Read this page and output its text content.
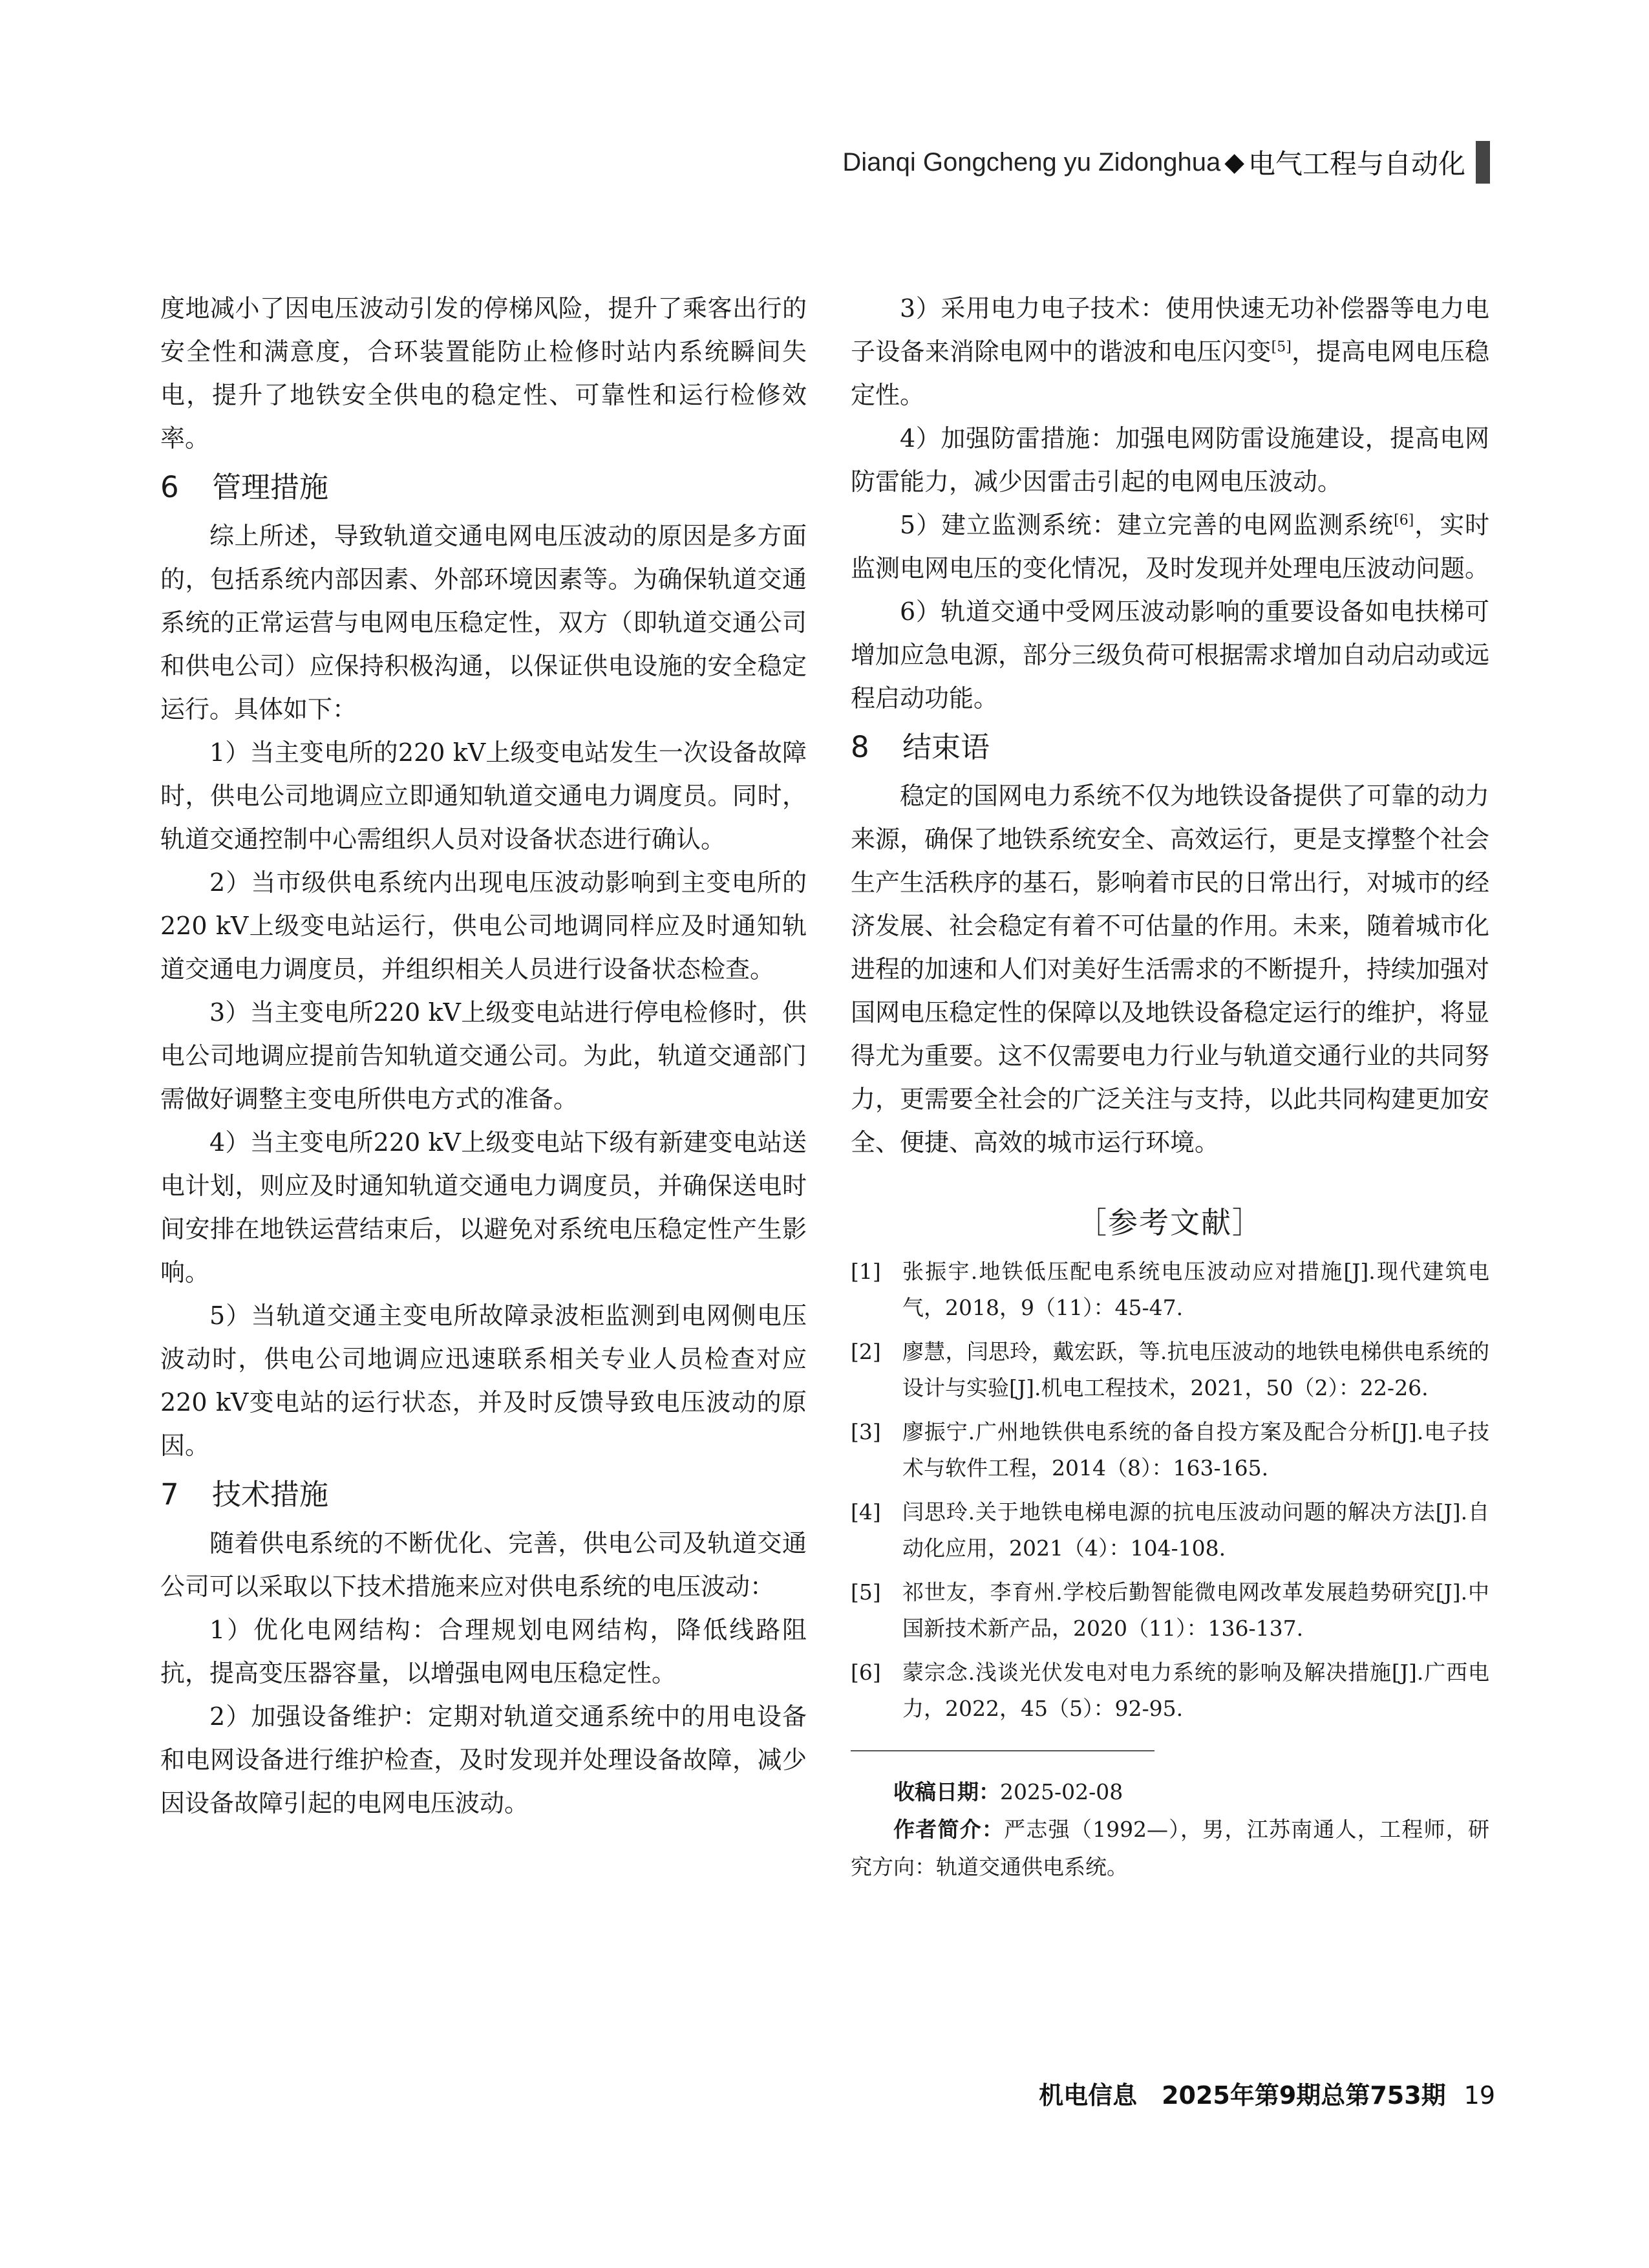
Dianqi Gongcheng yu Zidonghua ◆ 电气工程与自动化

度地减小了因电压波动引发的停梯风险，提升了乘客出行的安全性和满意度，合环装置能防止检修时站内系统瞬间失电，提升了地铁安全供电的稳定性、可靠性和运行检修效率。

6 管理措施

综上所述，导致轨道交通电网电压波动的原因是多方面的，包括系统内部因素、外部环境因素等。为确保轨道交通系统的正常运营与电网电压稳定性，双方（即轨道交通公司和供电公司）应保持积极沟通，以保证供电设施的安全稳定运行。具体如下：

1）当主变电所的220 kV上级变电站发生一次设备故障时，供电公司地调应立即通知轨道交通电力调度员。同时，轨道交通控制中心需组织人员对设备状态进行确认。

2）当市级供电系统内出现电压波动影响到主变电所的220 kV上级变电站运行，供电公司地调同样应及时通知轨道交通电力调度员，并组织相关人员进行设备状态检查。

3）当主变电所220 kV上级变电站进行停电检修时，供电公司地调应提前告知轨道交通公司。为此，轨道交通部门需做好调整主变电所供电方式的准备。

4）当主变电所220 kV上级变电站下级有新建变电站送电计划，则应及时通知轨道交通电力调度员，并确保送电时间安排在地铁运营结束后，以避免对系统电压稳定性产生影响。

5）当轨道交通主变电所故障录波柜监测到电网侧电压波动时，供电公司地调应迅速联系相关专业人员检查对应220 kV变电站的运行状态，并及时反馈导致电压波动的原因。

7 技术措施

随着供电系统的不断优化、完善，供电公司及轨道交通公司可以采取以下技术措施来应对供电系统的电压波动：

1）优化电网结构：合理规划电网结构，降低线路阻抗，提高变压器容量，以增强电网电压稳定性。

2）加强设备维护：定期对轨道交通系统中的用电设备和电网设备进行维护检查，及时发现并处理设备故障，减少因设备故障引起的电网电压波动。

3）采用电力电子技术：使用快速无功补偿器等电力电子设备来消除电网中的谐波和电压闪变[5]，提高电网电压稳定性。

4）加强防雷措施：加强电网防雷设施建设，提高电网防雷能力，减少因雷击引起的电网电压波动。

5）建立监测系统：建立完善的电网监测系统[6]，实时监测电网电压的变化情况，及时发现并处理电压波动问题。

6）轨道交通中受网压波动影响的重要设备如电扶梯可增加应急电源，部分三级负荷可根据需求增加自动启动或远程启动功能。

8 结束语

稳定的国网电力系统不仅为地铁设备提供了可靠的动力来源，确保了地铁系统安全、高效运行，更是支撑整个社会生产生活秩序的基石，影响着市民的日常出行，对城市的经济发展、社会稳定有着不可估量的作用。未来，随着城市化进程的加速和人们对美好生活需求的不断提升，持续加强对国网电压稳定性的保障以及地铁设备稳定运行的维护，将显得尤为重要。这不仅需要电力行业与轨道交通行业的共同努力，更需要全社会的广泛关注与支持，以此共同构建更加安全、便捷、高效的城市运行环境。

［参考文献］
[1]	张振宇.地铁低压配电系统电压波动应对措施[J].现代建筑电气，2018，9（11）：45-47.
[2]	廖慧，闫思玲，戴宏跃，等.抗电压波动的地铁电梯供电系统的设计与实验[J].机电工程技术，2021，50（2）：22-26.
[3]	廖振宁.广州地铁供电系统的备自投方案及配合分析[J].电子技术与软件工程，2014（8）：163-165.
[4]	闫思玲.关于地铁电梯电源的抗电压波动问题的解决方法[J].自动化应用，2021（4）：104-108.
[5]	祁世友，李育州.学校后勤智能微电网改革发展趋势研究[J].中国新技术新产品，2020（11）：136-137.
[6]	蒙宗念.浅谈光伏发电对电力系统的影响及解决措施[J].广西电力，2022，45（5）：92-95.

收稿日期：2025-02-08

作者简介：严志强（1992—），男，江苏南通人，工程师，研究方向：轨道交通供电系统。

机电信息　2025年第9期总第753期 19
